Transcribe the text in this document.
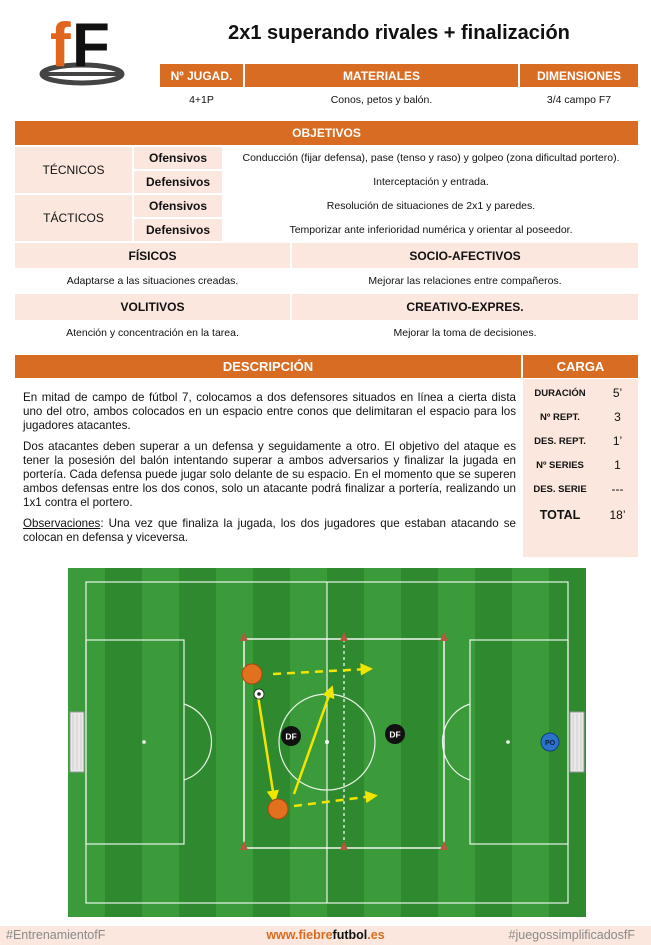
f F	2x1 superando rivales + finalización
Nº JUGAD.	MATERIALES	DIMENSIONES
4+1P	Conos, petos y balón.	3/4 campo F7
OBJETIVOS
TÉCNICOS
Ofensivos	Conducción (fijar defensa), pase (tenso y raso) y golpeo (zona dificultad portero).
Defensivos	Interceptación y entrada.
TÁCTICOS
Ofensivos	Resolución de situaciones de 2x1 y paredes.
Defensivos	Temporizar ante inferioridad numérica y orientar al poseedor.
FÍSICOS	SOCIO-AFECTIVOS
Adaptarse a las situaciones creadas.	Mejorar las relaciones entre compañeros.
VOLITIVOS	CREATIVO-EXPRES.
Atención y concentración en la tarea.	Mejorar la toma de decisiones.
DESCRIPCIÓN

En mitad de campo de fútbol 7, colocamos a dos defensores situados en línea a cierta dista uno del otro, ambos colocados en un espacio entre conos que delimitaran el espacio para los jugadores atacantes.

Dos atacantes deben superar a un defensa y seguidamente a otro. El objetivo del ataque es tener la posesión del balón intentando superar a ambos adversarios y finalizar la jugada en portería. Cada defensa puede jugar solo delante de su espacio. En el momento que se superen ambos defensas entre los dos conos, solo un atacante podrá finalizar a portería, realizando un 1x1 contra el portero.

Observaciones: Una vez que finaliza la jugada, los dos jugadores que estaban atacando se colocan en defensa y viceversa.

CARGA
DURACIÓN	5’
Nº REPT.	3
DES. REPT.	1’
Nº SERIES	1
DES. SERIE	---
TOTAL	18’
DF	DF
PO
#EntrenamientofF	www.fiebrefutbol.es	#juegossimplificadosfF
